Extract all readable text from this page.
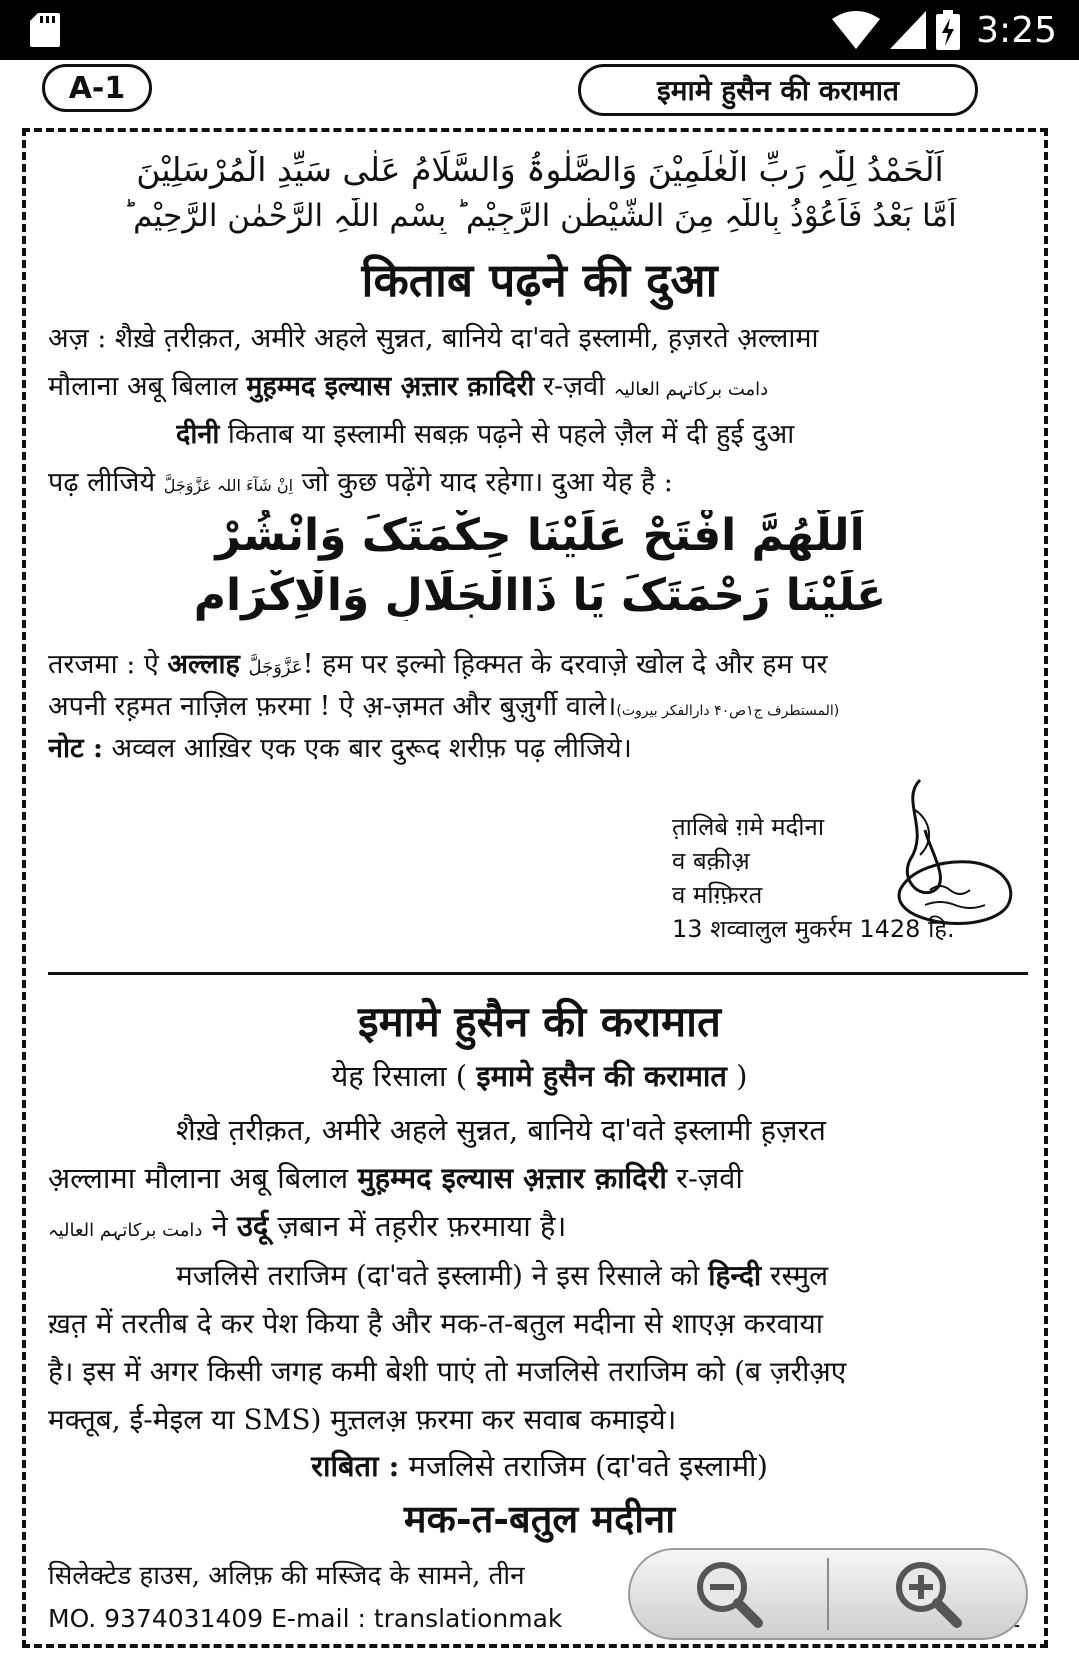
3:25
A-1	इमामे हुसैन की करामात
اَلْحَمْدُ لِلّٰہِ رَبِّ الْعٰلَمِیْنَ وَالصَّلٰوۃُ وَالسَّلَامُ عَلٰی سَیِّدِ الْمُرْسَلِیْنَ
اَمَّا بَعْدُ فَاَعُوْذُ بِاللّٰہِ مِنَ الشَّیْطٰنِ الرَّجِیْمِ ؕ بِسْمِ اللّٰہِ الرَّحْمٰنِ الرَّحِیْمِ ؕ
किताब पढ़ने की दुआ
अज़ : शैखे़ त़रीक़त, अमीरे अहले सुन्नत, बानिये दा'वते इस्लामी, ह़ज़रते अ़ल्लामा
मौलाना अबू बिलाल मुह़म्मद इल्यास अ़त्त़ार क़ादिरी र-ज़वी دامت برکاتہم العالیہ
दीनी किताब या इस्लामी सबक़ पढ़ने से पहले ज़ैल में दी हुई दुआ
पढ़ लीजिये اِنْ شَآءَ اللہ عَزَّوَجَلَّ जो कुछ पढ़ेंगे याद रहेगा। दुआ येह है :
اَللّٰھُمَّ افْتَحْ عَلَیْنَا حِکْمَتَکَ وَانْشُرْ
عَلَیْنَا رَحْمَتَکَ یَا ذَاالْجَلَالِ وَالْاِکْرَام
तरजमा : ऐ अल्लाह عَزَّوَجَلَّ! हम पर इल्मो ह़िक्मत के दरवाज़े खोल दे और हम पर
अपनी रह़मत नाज़िल फ़रमा ! ऐ अ़-ज़मत और बुज़ुर्गी वाले।(المستطرف ج۱ص۴۰ دارالفکر بیروت)
नोट : अव्वल आख़िर एक एक बार दुरूद शरीफ़ पढ़ लीजिये।
त़ालिबे ग़मे मदीना
व बक़ीअ़
व मग़्फ़िरत
13 शव्वालुल मुकर्रम 1428 हि.
इमामे हुसैन की करामात
येह रिसाला ( इमामे हुसैन की करामात )
शैखे़ त़रीक़त, अमीरे अहले सुन्नत, बानिये दा'वते इस्लामी ह़ज़रत
अ़ल्लामा मौलाना अबू बिलाल मुह़म्मद इल्यास अ़त्त़ार क़ादिरी र-ज़वी
دامت برکاتہم العالیہ ने उर्दू ज़बान में तह़रीर फ़रमाया है।
मजलिसे तराजिम (दा'वते इस्लामी) ने इस रिसाले को हिन्दी रस्मुल
ख़त़ में तरतीब दे कर पेश किया है और मक-त-बतुल मदीना से शाएअ़ करवाया
है। इस में अगर किसी जगह कमी बेशी पाएं तो मजलिसे तराजिम को (ब ज़रीअ़ए
मक्तूब, ई-मेइल या SMS) मुत्त़लअ़ फ़रमा कर सवाब कमाइये।
राबिता : मजलिसे तराजिम (दा'वते इस्लामी)
मक-त-बतुल मदीना
सिलेक्टेड हाउस, अलिफ़ की मस्जिद के सामने, तीन
MO. 9374031409 E-mail : translationmak
